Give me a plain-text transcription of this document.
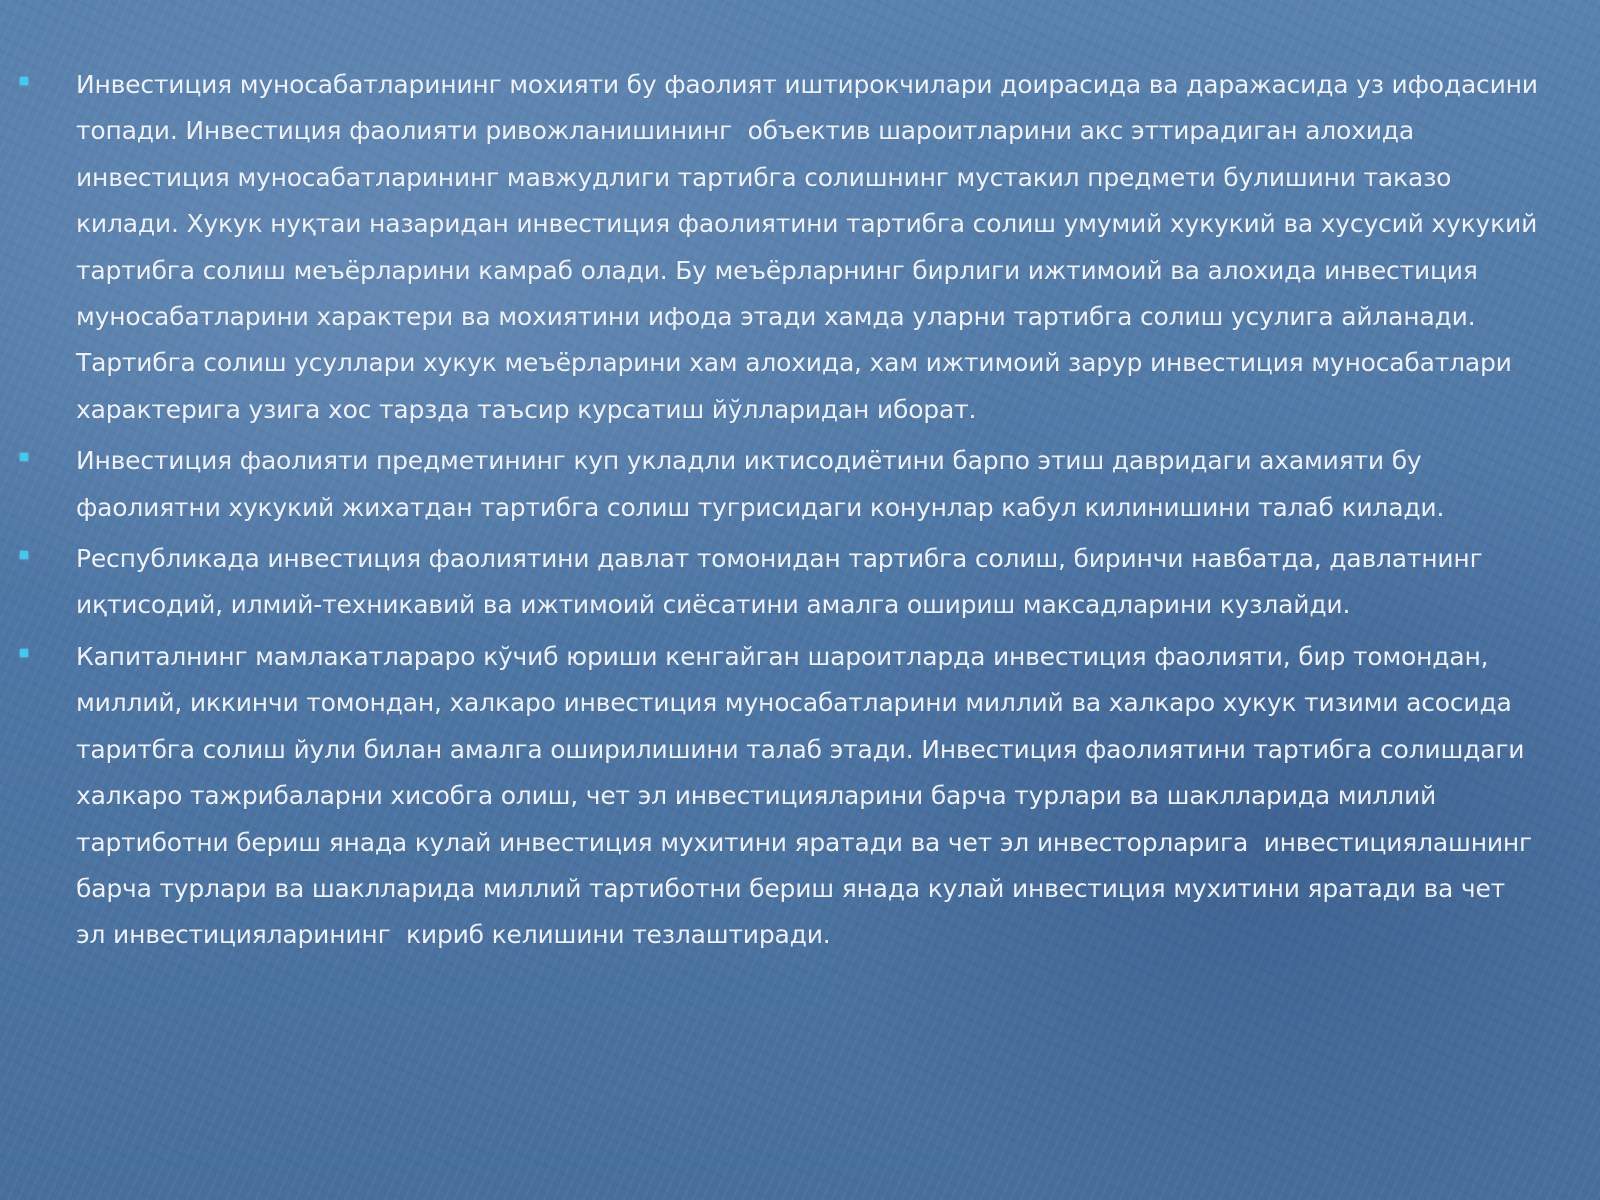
Инвестиция муносабатларининг мохияти бу фаолият иштирокчилари доирасида ва даражасида уз ифодасини топади. Инвестиция фаолияти ривожланишининг  объектив шароитларини акс эттирадиган алохида инвестиция муносабатларининг мавжудлиги тартибга солишнинг мустакил предмети булишини таказо килади. Хукук нуқтаи назаридан инвестиция фаолиятини тартибга солиш умумий хукукий ва хусусий хукукий тартибга солиш меъёрларини камраб олади. Бу меъёрларнинг бирлиги ижтимоий ва алохида инвестиция муносабатларини характери ва мохиятини ифода этади хамда уларни тартибга солиш усулига айланади. Тартибга солиш усуллари хукук меъёрларини хам алохида, хам ижтимоий зарур инвестиция муносабатлари характерига узига хос тарзда таъсир курсатиш йўлларидан иборат.
Инвестиция фаолияти предметининг куп укладли иктисодиётини барпо этиш давридаги ахамияти бу фаолиятни хукукий жихатдан тартибга солиш тугрисидаги конунлар кабул килинишини талаб килади.
Республикада инвестиция фаолиятини давлат томонидан тартибга солиш, биринчи навбатда, давлатнинг иқтисодий, илмий-техникавий ва ижтимоий сиёсатини амалга ошириш максадларини кузлайди.
Капиталнинг мамлакатлараро кўчиб юриши кенгайган шароитларда инвестиция фаолияти, бир томондан, миллий, иккинчи томондан, халкаро инвестиция муносабатларини миллий ва халкаро хукук тизими асосида таритбга солиш йули билан амалга оширилишини талаб этади. Инвестиция фаолиятини тартибга солишдаги халкаро тажрибаларни хисобга олиш, чет эл инвестицияларини барча турлари ва шаклларида миллий тартиботни бериш янада кулай инвестиция мухитини яратади ва чет эл инвесторларига  инвестициялашнинг барча турлари ва шаклларида миллий тартиботни бериш янада кулай инвестиция мухитини яратади ва чет эл инвестицияларининг  кириб келишини тезлаштиради.
